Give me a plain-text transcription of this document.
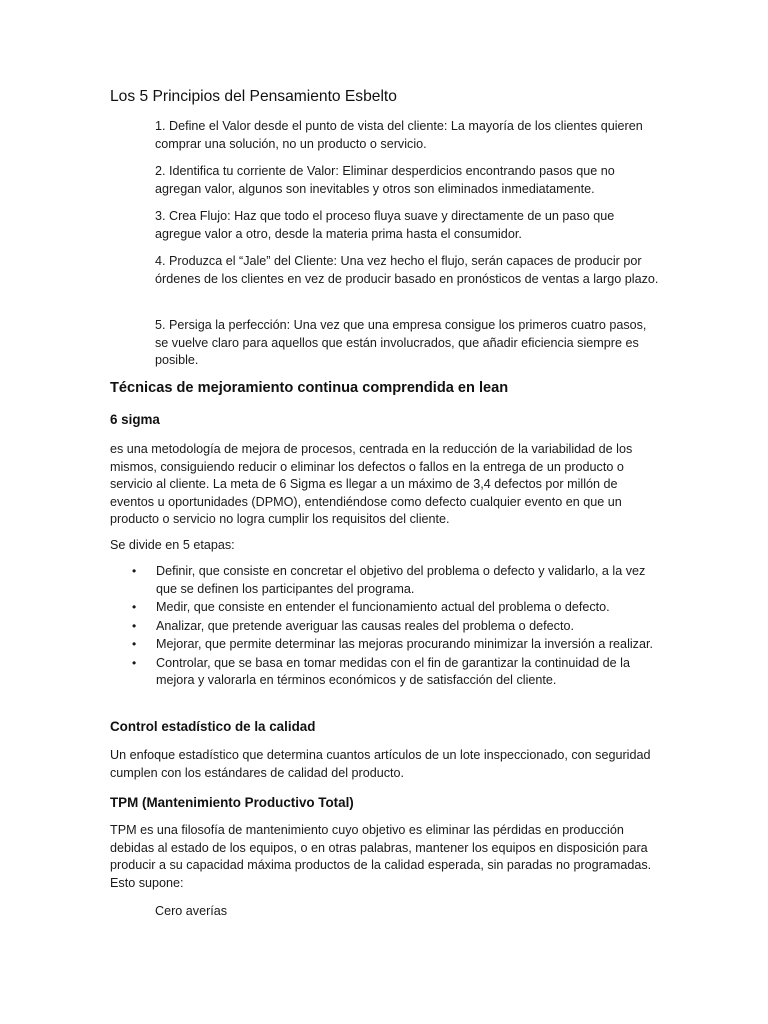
Los 5 Principios del Pensamiento Esbelto

1. Define el Valor desde el punto de vista del cliente: La mayoría de los clientes quieren comprar una solución, no un producto o servicio.

2. Identifica tu corriente de Valor: Eliminar desperdicios encontrando pasos que no agregan valor, algunos son inevitables y otros son eliminados inmediatamente.

3. Crea Flujo: Haz que todo el proceso fluya suave y directamente de un paso que agregue valor a otro, desde la materia prima hasta el consumidor.

4. Produzca el “Jale” del Cliente: Una vez hecho el flujo, serán capaces de producir por órdenes de los clientes en vez de producir basado en pronósticos de ventas a largo plazo.

5. Persiga la perfección: Una vez que una empresa consigue los primeros cuatro pasos, se vuelve claro para aquellos que están involucrados, que añadir eficiencia siempre es posible.

Técnicas de mejoramiento continua comprendida en lean
6 sigma

es una metodología de mejora de procesos, centrada en la reducción de la variabilidad de los mismos, consiguiendo reducir o eliminar los defectos o fallos en la entrega de un producto o servicio al cliente. La meta de 6 Sigma es llegar a un máximo de 3,4 defectos por millón de eventos u oportunidades (DPMO), entendiéndose como defecto cualquier evento en que un producto o servicio no logra cumplir los requisitos del cliente.

Se divide en 5 etapas:

• Definir, que consiste en concretar el objetivo del problema o defecto y validarlo, a la vez que se definen los participantes del programa.
• Medir, que consiste en entender el funcionamiento actual del problema o defecto.
• Analizar, que pretende averiguar las causas reales del problema o defecto.
• Mejorar, que permite determinar las mejoras procurando minimizar la inversión a realizar.
• Controlar, que se basa en tomar medidas con el fin de garantizar la continuidad de la mejora y valorarla en términos económicos y de satisfacción del cliente.
Control estadístico de la calidad

Un enfoque estadístico que determina cuantos artículos de un lote inspeccionado, con seguridad cumplen con los estándares de calidad del producto.

TPM (Mantenimiento Productivo Total)

TPM es una filosofía de mantenimiento cuyo objetivo es eliminar las pérdidas en producción debidas al estado de los equipos, o en otras palabras, mantener los equipos en disposición para producir a su capacidad máxima productos de la calidad esperada, sin paradas no programadas. Esto supone:

Cero averías
